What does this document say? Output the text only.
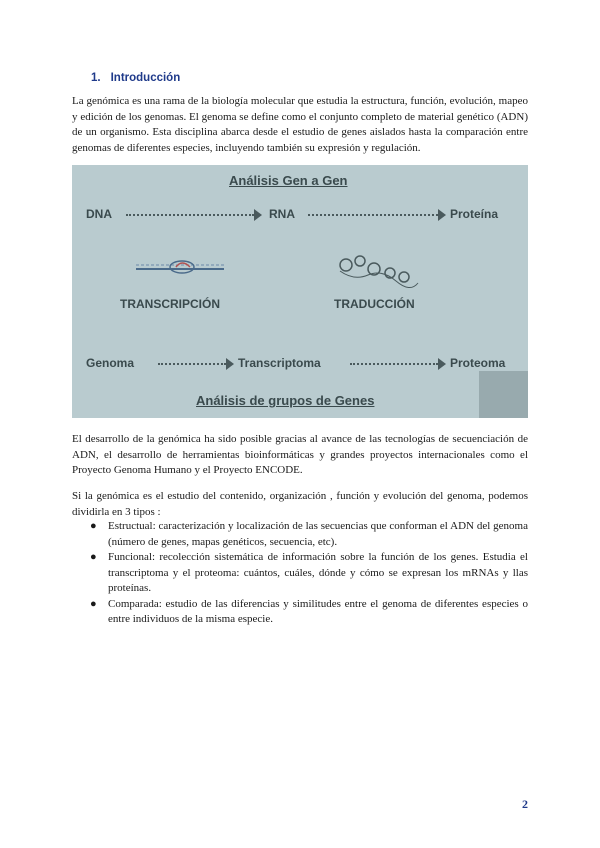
1. Introducción

La genómica es una rama de la biología molecular que estudia la estructura, función, evolución, mapeo y edición de los genomas. El genoma se define como el conjunto completo de material genético (ADN) de un organismo. Esta disciplina abarca desde el estudio de genes aislados hasta la comparación entre genomas de diferentes especies, incluyendo también su expresión y regulación.

Análisis Gen a Gen
DNA	RNA	Proteína
TRANSCRIPCIÓN	TRADUCCIÓN
Genoma	Transcriptoma	Proteoma
Análisis de grupos de Genes

El desarrollo de la genómica ha sido posible gracias al avance de las tecnologías de secuenciación de ADN, el desarrollo de herramientas bioinformáticas y grandes proyectos internacionales como el Proyecto Genoma Humano y el Proyecto ENCODE.

Si la genómica es el estudio del contenido, organización , función y evolución del genoma, podemos dividirla en 3 tipos :

● Estructual: caracterización y localización de las secuencias que conforman el ADN del genoma (número de genes, mapas genéticos, secuencia, etc).
● Funcional: recolección sistemática de información sobre la función de los genes. Estudia el transcriptoma y el proteoma: cuántos, cuáles, dónde y cómo se expresan los mRNAs y llas proteínas.
● Comparada: estudio de las diferencias y similitudes entre el genoma de diferentes especies o entre individuos de la misma especie.
2
